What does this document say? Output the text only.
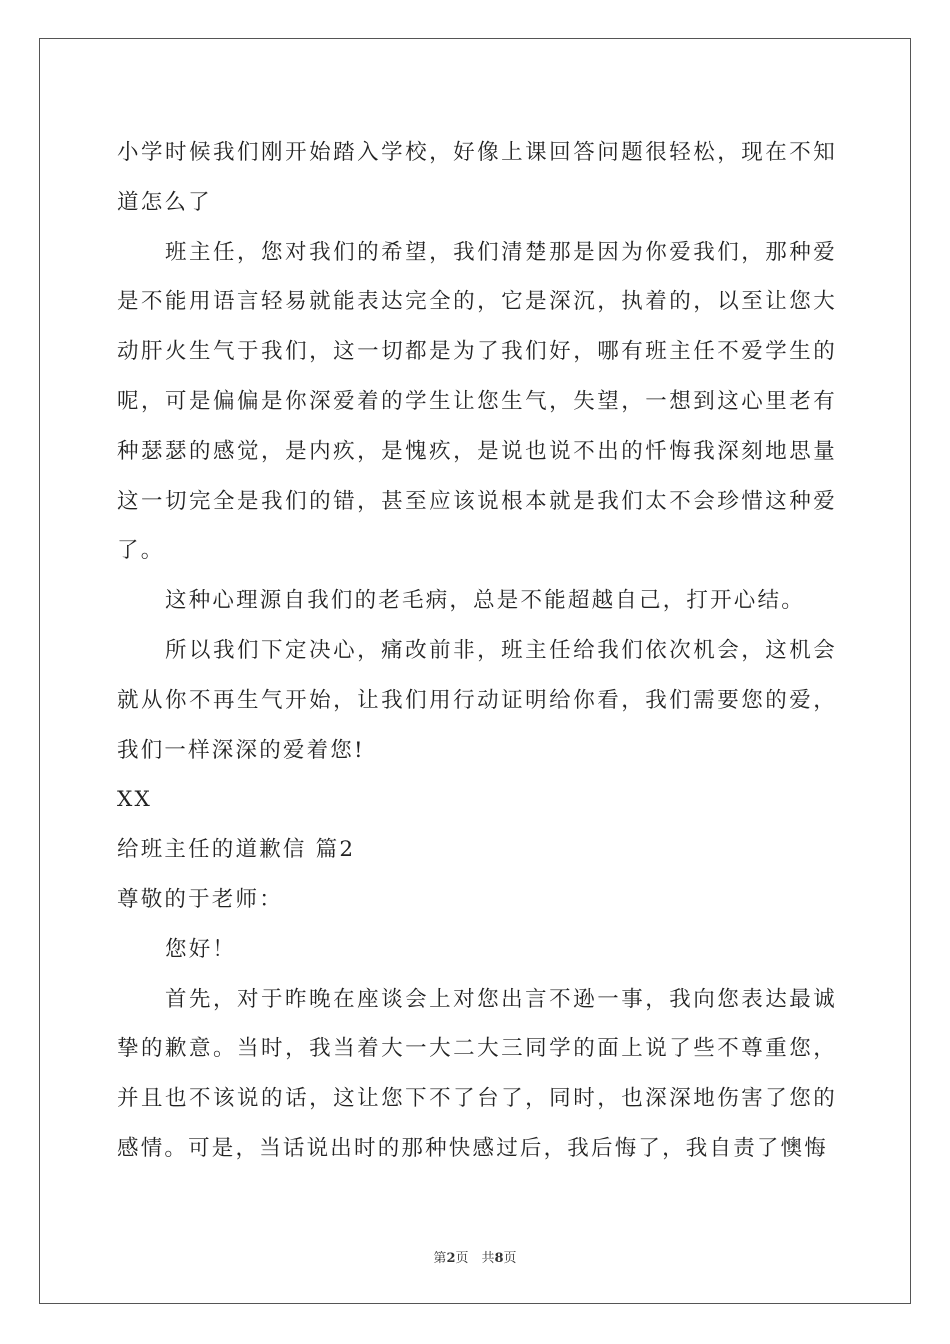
小学时候我们刚开始踏入学校，好像上课回答问题很轻松，现在不知道怎么了

班主任，您对我们的希望，我们清楚那是因为你爱我们，那种爱是不能用语言轻易就能表达完全的，它是深沉，执着的，以至让您大动肝火生气于我们，这一切都是为了我们好，哪有班主任不爱学生的呢，可是偏偏是你深爱着的学生让您生气，失望，一想到这心里老有种瑟瑟的感觉，是内疚，是愧疚，是说也说不出的忏悔我深刻地思量这一切完全是我们的错，甚至应该说根本就是我们太不会珍惜这种爱了。

这种心理源自我们的老毛病，总是不能超越自己，打开心结。

所以我们下定决心，痛改前非，班主任给我们依次机会，这机会就从你不再生气开始，让我们用行动证明给你看，我们需要您的爱，我们一样深深的爱着您!

XX

给班主任的道歉信 篇2

尊敬的于老师：

您好！

首先，对于昨晚在座谈会上对您出言不逊一事，我向您表达最诚挚的歉意。当时，我当着大一大二大三同学的面上说了些不尊重您，并且也不该说的话，这让您下不了台了，同时，也深深地伤害了您的感情。可是，当话说出时的那种快感过后，我后悔了，我自责了懊悔

第2页　共8页
